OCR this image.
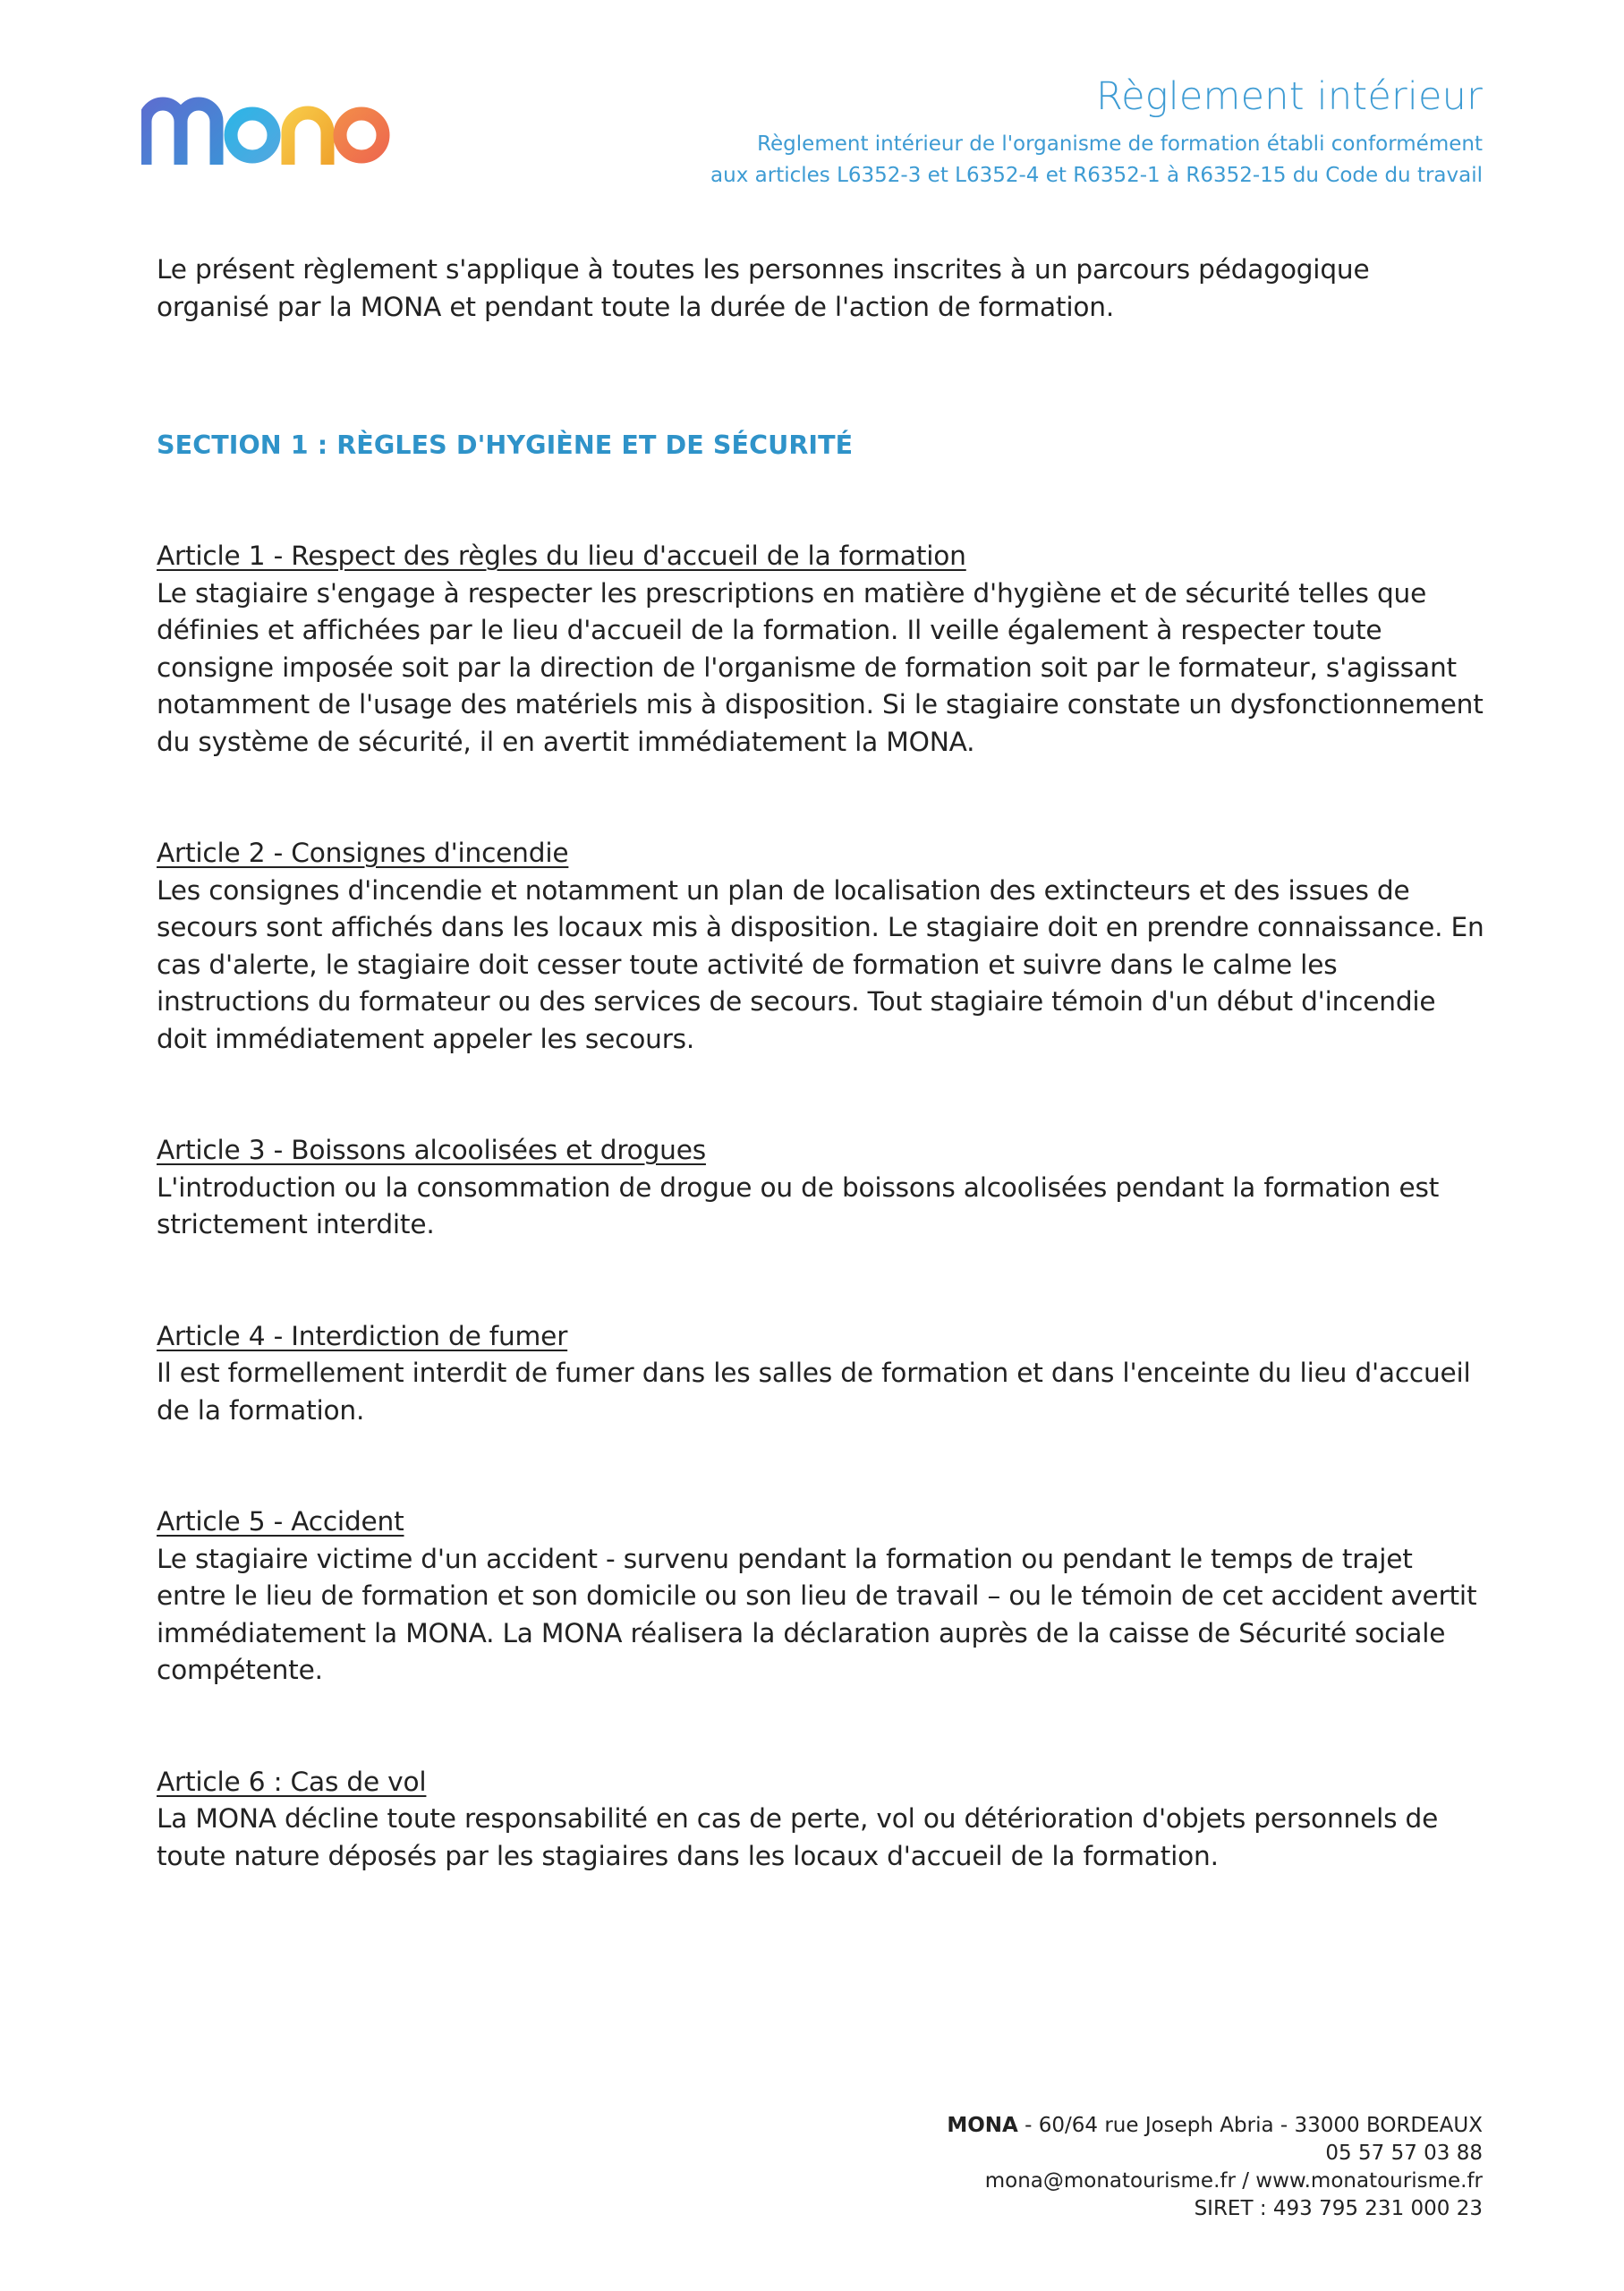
Règlement intérieur
Règlement intérieur de l'organisme de formation établi conformément
aux articles L6352-3 et L6352-4 et R6352-1 à R6352-15 du Code du travail

Le présent règlement s'applique à toutes les personnes inscrites à un parcours pédagogique organisé par la MONA et pendant toute la durée de l'action de formation.

SECTION 1 : RÈGLES D'HYGIÈNE ET DE SÉCURITÉ

Article 1 - Respect des règles du lieu d'accueil de la formation

Le stagiaire s'engage à respecter les prescriptions en matière d'hygiène et de sécurité telles que définies et affichées par le lieu d'accueil de la formation. Il veille également à respecter toute consigne imposée soit par la direction de l'organisme de formation soit par le formateur, s'agissant notamment de l'usage des matériels mis à disposition. Si le stagiaire constate un dysfonctionnement du système de sécurité, il en avertit immédiatement la MONA.

Article 2 - Consignes d'incendie

Les consignes d'incendie et notamment un plan de localisation des extincteurs et des issues de secours sont affichés dans les locaux mis à disposition. Le stagiaire doit en prendre connaissance. En cas d'alerte, le stagiaire doit cesser toute activité de formation et suivre dans le calme les instructions du formateur ou des services de secours. Tout stagiaire témoin d'un début d'incendie doit immédiatement appeler les secours.

Article 3 - Boissons alcoolisées et drogues

L'introduction ou la consommation de drogue ou de boissons alcoolisées pendant la formation est strictement interdite.

Article 4 - Interdiction de fumer

Il est formellement interdit de fumer dans les salles de formation et dans l'enceinte du lieu d'accueil de la formation.

Article 5 - Accident

Le stagiaire victime d'un accident - survenu pendant la formation ou pendant le temps de trajet entre le lieu de formation et son domicile ou son lieu de travail – ou le témoin de cet accident avertit immédiatement la MONA. La MONA réalisera la déclaration auprès de la caisse de Sécurité sociale compétente.

Article 6 : Cas de vol

La MONA décline toute responsabilité en cas de perte, vol ou détérioration d'objets personnels de toute nature déposés par les stagiaires dans les locaux d'accueil de la formation.

MONA - 60/64 rue Joseph Abria - 33000 BORDEAUX
05 57 57 03 88
mona@monatourisme.fr / www.monatourisme.fr
SIRET : 493 795 231 000 23
